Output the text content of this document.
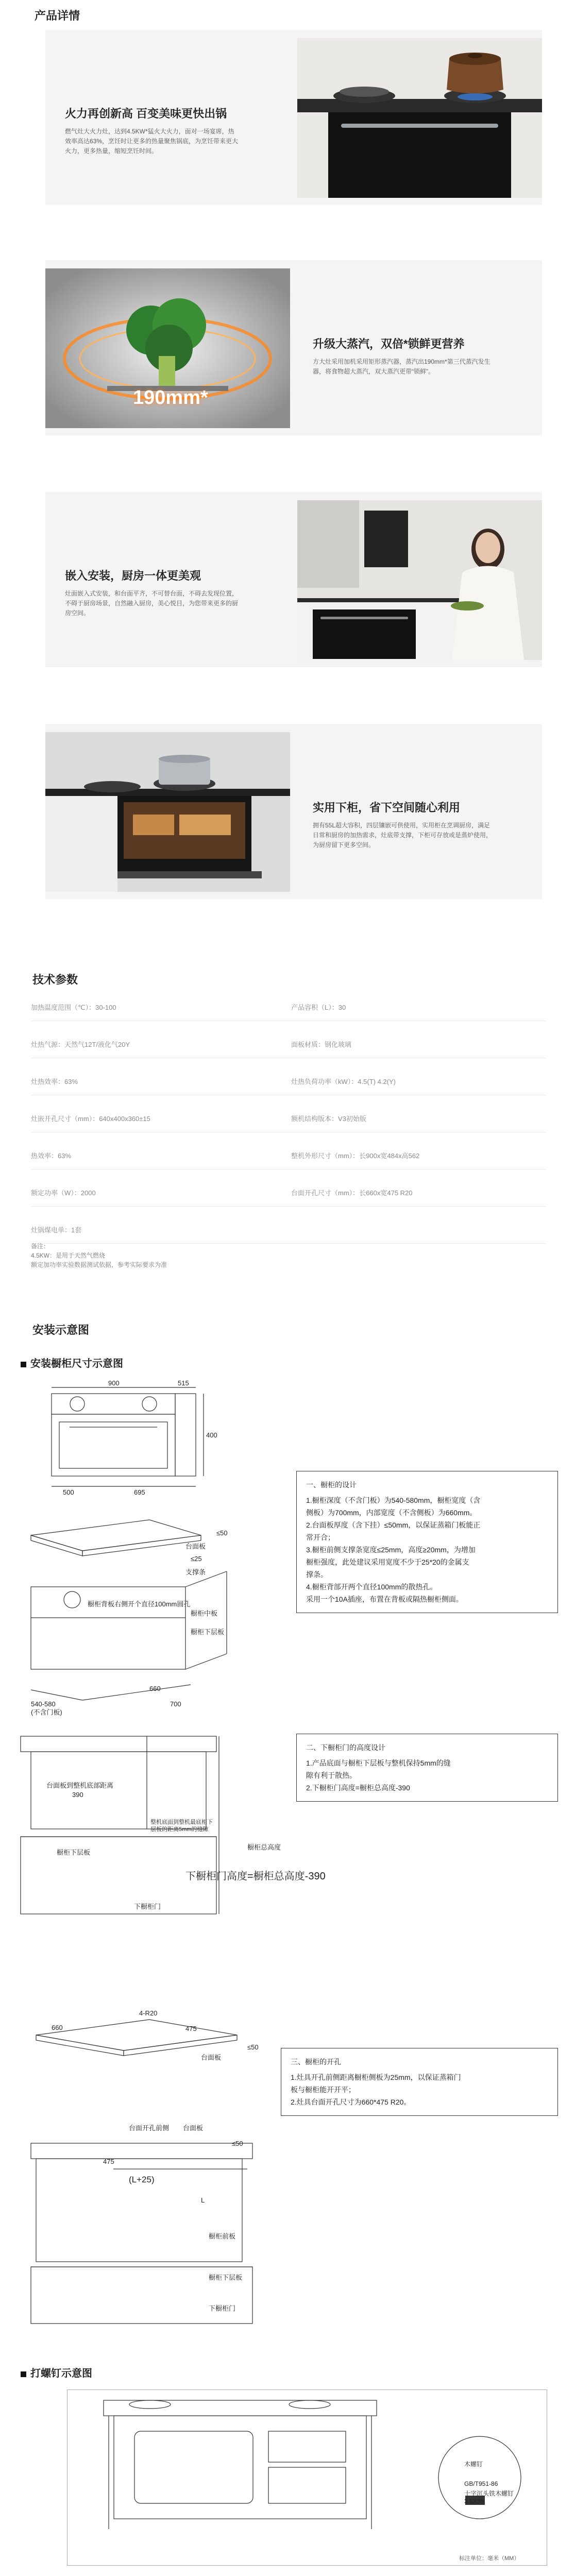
产品详情
火力再创新高 百变美味更快出锅
燃气灶大火力灶，达到4.5KW*猛火大火力，面对一场宴席，热效率高达63%，烹饪时让更多的热量聚焦锅底，为烹饪带来更大火力，更多热量，缩短烹饪时间。
190mm*
升级大蒸汽，双倍*锁鲜更营养
方大灶采用加机采用矩形蒸汽器，蒸汽出190mm*第三代蒸汽发生器，将食物超大蒸汽，双大蒸汽更带“锁鲜”。
嵌入安装，厨房一体更美观
灶面嵌入式安装，和台面平齐，不可替台面，不碍去发现位置，不碍于厨房场景，自然融入厨房，美心悦目，为您带来更多的厨房空间。
实用下柜，省下空间随心利用
拥有55L超大容积，四层镶嵌可供使用，实用柜在烹调厨房，满足日常和厨房的加热需求，灶底带支撑，下柜可存放或是蒸炉使用，为厨房留下更多空间。
技术参数
加热温度范围（℃）：30-100	产品容积（L）：30
灶热气源：天然气12T/液化气20Y	面板材质：钢化玻璃
灶热效率：63%	灶热负荷功率（kW）：4.5(T) 4.2(Y)
灶嵌开孔尺寸（mm）：640x400x360±15	额机结构版本：V3初始版
热效率：63%	整机外形尺寸（mm）：长900x宽484x高562
额定功率（W）：2000	台面开孔尺寸（mm）：长660x宽475 R20
灶锅煤电单：1套
备注：
4.5KW：是用于天然气燃烧
额定加功率实验数据测试依据，参考实际要求为准
安装示意图
安装橱柜尺寸示意图
900	515
400
500	695
≤50
台面板
≤25
支撑条
橱柜背板右侧开个直径100mm圆孔
橱柜中板
橱柜下层板
540-580
(不含门板)
660
700
一、橱柜的设计
1.橱柜深度（不含门板）为540-580mm，橱柜宽度（含
侧板）为700mm，内部宽度（不含侧板）为660mm。
2.台面板厚度（含下挂）≤50mm，以保证蒸箱门板能正
常开合；
3.橱柜前侧支撑条宽度≤25mm，高度≥20mm，为增加
橱柜强度，此处建议采用宽度不少于25*20的金属支
撑条。
4.橱柜背部开两个直径100mm的散热孔。
采用一个10A插座，布置在背板或隔热橱柜侧面。
台面板到整机底部距离
390
整机底面到整机最底柜下
层板的距离5mm的缝隙
橱柜下层板
下橱柜门
橱柜总高度
下橱柜门高度=橱柜总高度-390
二、下橱柜门的高度设计
1.产品底面与橱柜下层板与整机保持5mm的缝
隙有利于散热。
2.下橱柜门高度=橱柜总高度-390
4-R20
475
660
≤50
台面板
台面开孔前侧 台面板
≤50
475
(L+25)
L
橱柜前板
橱柜下层板
下橱柜门
三、橱柜的开孔
1.灶具开孔前侧距离橱柜侧板为25mm，以保证蒸箱门
板与橱柜能开开平；
2.灶具台面开孔尺寸为660*475 R20。
打螺钉示意图
木螺钉
GB/T951-86
十字沉头铁木螺钉
3.5X35
标注单位：毫米（MM）
